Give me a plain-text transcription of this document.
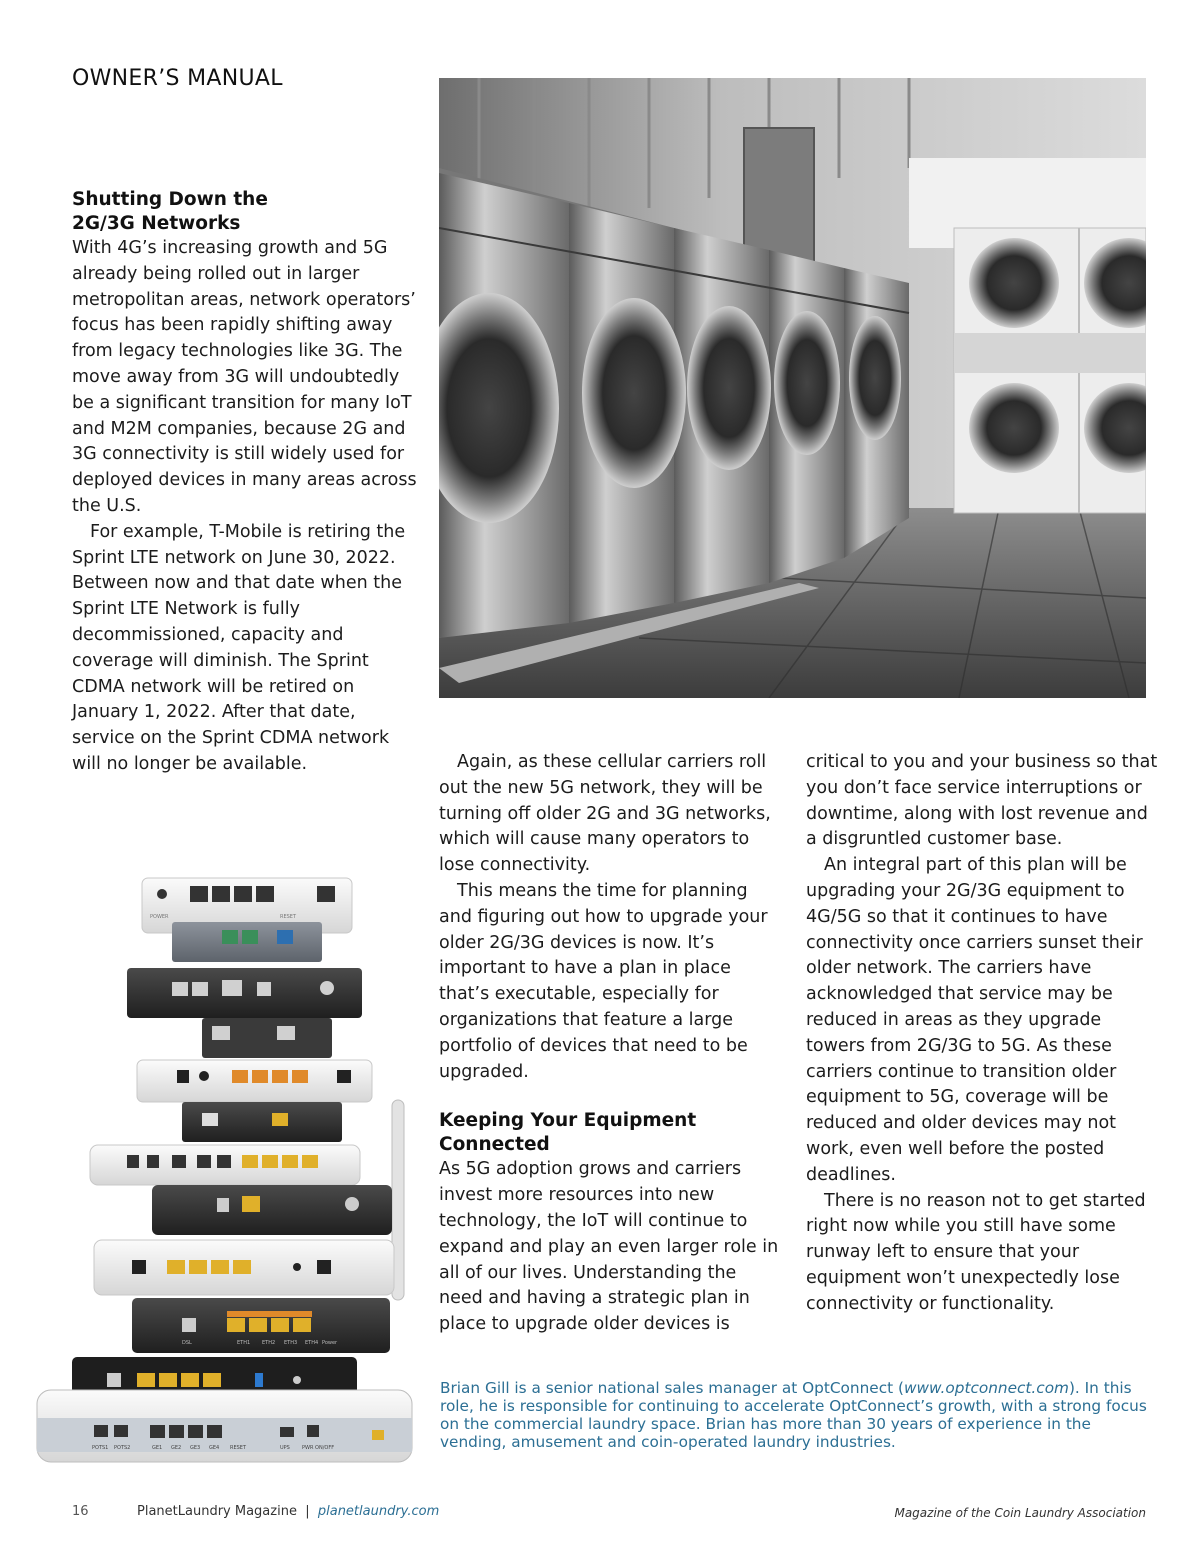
OWNER’S MANUAL
Shutting Down the
2G/3G Networks

With 4G’s increasing growth and 5G already being rolled out in larger metropolitan areas, network operators’ focus has been rapidly shifting away from legacy technologies like 3G. The move away from 3G will undoubtedly be a significant transition for many IoT and M2M companies, because 2G and 3G connectivity is still widely used for deployed devices in many areas across the U.S.

For example, T-Mobile is retiring the Sprint LTE network on June 30, 2022. Between now and that date when the Sprint LTE Network is fully decommissioned, capacity and coverage will diminish. The Sprint CDMA network will be retired on January 1, 2022. After that date, service on the Sprint CDMA network will no longer be available.	Again, as these cellular carriers roll out the new 5G network, they will be turning off older 2G and 3G networks, which will cause many operators to lose connectivity.

This means the time for planning and figuring out how to upgrade your older 2G/3G devices is now. It’s important to have a plan in place that’s executable, especially for organizations that feature a large portfolio of devices that need to be upgraded.

Keeping Your Equipment Connected

As 5G adoption grows and carriers invest more resources into new technology, the IoT will continue to expand and play an even larger role in all of our lives. Understanding the need and having a strategic plan in place to upgrade older devices is

critical to you and your business so that you don’t face service interruptions or downtime, along with lost revenue and a disgruntled customer base.

An integral part of this plan will be upgrading your 2G/3G equipment to 4G/5G so that it continues to have connectivity once carriers sunset their older network. The carriers have acknowledged that service may be reduced in areas as they upgrade towers from 2G/3G to 5G. As these carriers continue to transition older equipment to 5G, coverage will be reduced and older devices may not work, even well before the posted deadlines.

There is no reason not to get started right now while you still have some runway left to ensure that your equipment won’t unexpectedly lose connectivity or functionality.

POWER	RESET
DSL	ETH1 ETH2 ETH3 ETH4 Power
POTS1 POTS2	GE1 GE2 GE3 GE4 RESET	UPS PWR ON/OFF
Brian Gill is a senior national sales manager at OptConnect (www.optconnect.com). In this role, he is responsible for continuing to accelerate OptConnect’s growth, with a strong focus on the commercial laundry space. Brian has more than 30 years of experience in the vending, amusement and coin-operated laundry industries.
16	PlanetLaundry Magazine  |  planetlaundry.com	Magazine of the Coin Laundry Association
